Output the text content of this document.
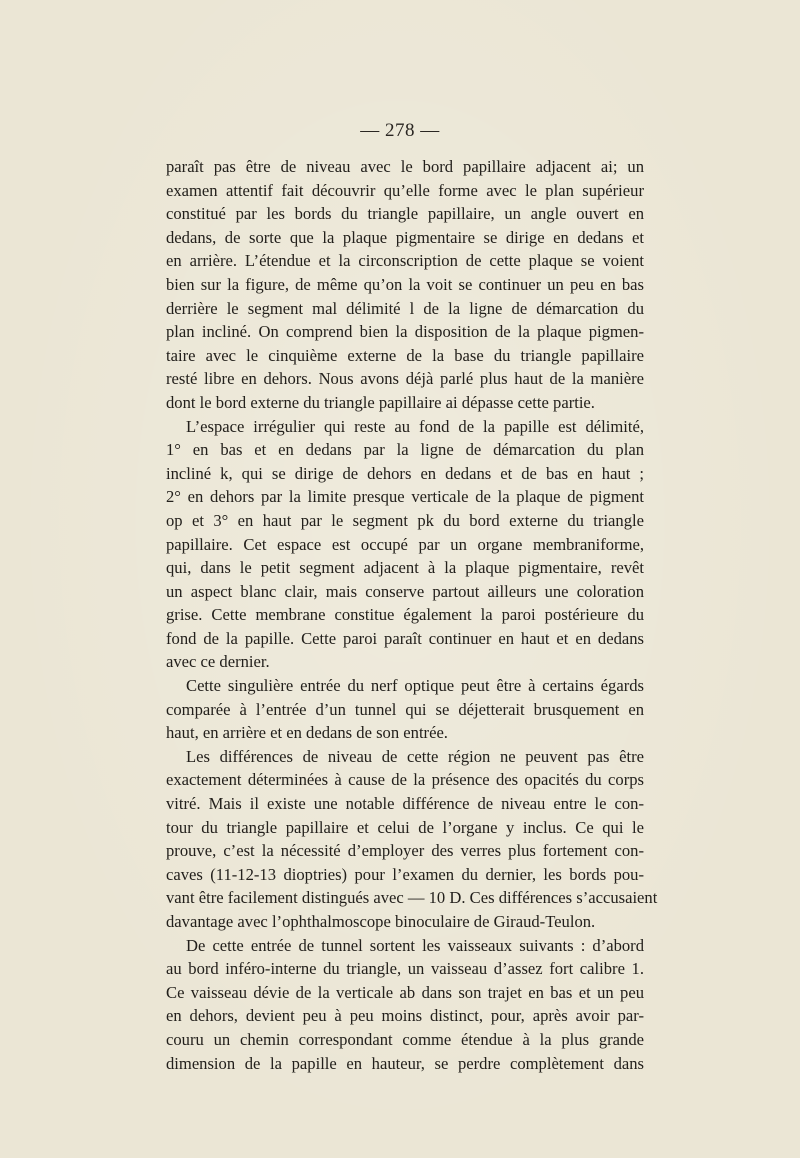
— 278 —
paraît pas être de niveau avec le bord papillaire adjacent ai; un
examen attentif fait découvrir qu’elle forme avec le plan supérieur
constitué par les bords du triangle papillaire, un angle ouvert en
dedans, de sorte que la plaque pigmentaire se dirige en dedans et
en arrière. L’étendue et la circonscription de cette plaque se voient
bien sur la figure, de même qu’on la voit se continuer un peu en bas
derrière le segment mal délimité l de la ligne de démarcation du
plan incliné. On comprend bien la disposition de la plaque pigmen-
taire avec le cinquième externe de la base du triangle papillaire
resté libre en dehors. Nous avons déjà parlé plus haut de la manière
dont le bord externe du triangle papillaire ai dépasse cette partie.
L’espace irrégulier qui reste au fond de la papille est délimité,
1° en bas et en dedans par la ligne de démarcation du plan
incliné k, qui se dirige de dehors en dedans et de bas en haut ;
2° en dehors par la limite presque verticale de la plaque de pigment
op et 3° en haut par le segment pk du bord externe du triangle
papillaire. Cet espace est occupé par un organe membraniforme,
qui, dans le petit segment adjacent à la plaque pigmentaire, revêt
un aspect blanc clair, mais conserve partout ailleurs une coloration
grise. Cette membrane constitue également la paroi postérieure du
fond de la papille. Cette paroi paraît continuer en haut et en dedans
avec ce dernier.
Cette singulière entrée du nerf optique peut être à certains égards
comparée à l’entrée d’un tunnel qui se déjetterait brusquement en
haut, en arrière et en dedans de son entrée.
Les différences de niveau de cette région ne peuvent pas être
exactement déterminées à cause de la présence des opacités du corps
vitré. Mais il existe une notable différence de niveau entre le con-
tour du triangle papillaire et celui de l’organe y inclus. Ce qui le
prouve, c’est la nécessité d’employer des verres plus fortement con-
caves (11-12-13 dioptries) pour l’examen du dernier, les bords pou-
vant être facilement distingués avec — 10 D. Ces différences s’accusaient
davantage avec l’ophthalmoscope binoculaire de Giraud-Teulon.
De cette entrée de tunnel sortent les vaisseaux suivants : d’abord
au bord inféro-interne du triangle, un vaisseau d’assez fort calibre 1.
Ce vaisseau dévie de la verticale ab dans son trajet en bas et un peu
en dehors, devient peu à peu moins distinct, pour, après avoir par-
couru un chemin correspondant comme étendue à la plus grande
dimension de la papille en hauteur, se perdre complètement dans
